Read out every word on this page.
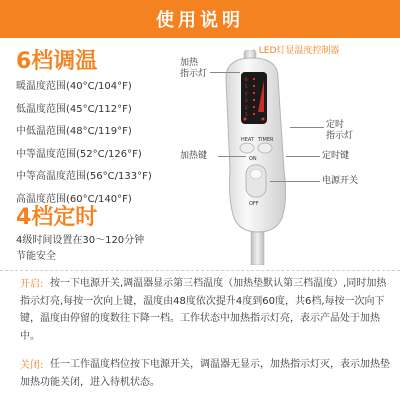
使用说明
6档调温
暖温度范围(40°C/104°F)
低温度范围(45°C/112°F)
中低温范围(48°C/119°F)
中等温度范围(52°C/126°F)
中等高温度范围(56°C/133°F)
高温度范围(60°C/140°F)
4档定时
4级时间设置在30～120分钟
节能安全
LED灯显温度控制器
6
5
4
3
2
1
HEAT TIMER
ON
OFF
加热
指示灯
定时
指示灯
加热键	定时键
电源开关
开启: 按一下电源开关,调温器显示第三档温度（加热垫默认第三档温度）,同时加热指示灯亮,每按一次向上键，温度由48度依次提升4度到60度，共6档,每按一次向下键，温度由停留的度数往下降一档。工作状态中加热指示灯亮，表示产品处于加热中。
关闭: 任一工作温度档位按下电源开关，调温器无显示，加热指示灯灭，表示加热垫加热功能关闭，进入待机状态。
